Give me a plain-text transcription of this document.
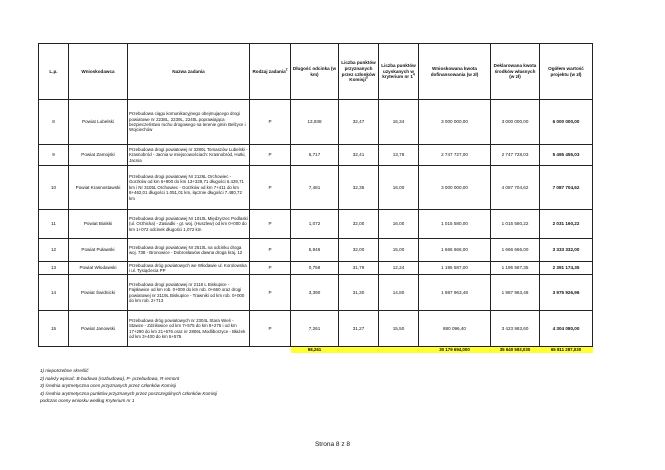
L.p.	Wnioskodawca	Nazwa zadania	Rodzaj zadania$^2$	Długość odcinka (w km)	Liczba punktów przyznanych przez członków Komisji$^3$	Liczba punktów uzyskanych w kryterium nr $1^4$	Wnioskowana kwota dofinansowania (w zł)	Deklarowana kwota środków własnych (w zł)	Ogółem wartość projektu (w zł)
8	Powiat Lubelski	Przebudowa ciągu komunikacyjnego obejmującego drogi powiatowe nr 2238L, 2239L, 2240L poprawiająca bezpieczeństwo ruchu drogowego na terenie gmin Bełżyce i Wojciechów	P	13,938	32,47	16,34	3 000 000,00	3 000 000,00	6 000 000,00
9	Powiat Zamojski	Przebudowa drogi powiatowej nr 3280L Tomaszów Lubelski - Krasnobród - Jacnia w miejscowościach: Krasnobród, Hutki, Jacnia	P	6,717	32,41	13,78	2 747 727,00	2 747 728,03	5 495 455,03
10	Powiat Krasnostawski	Przebudowa drogi powiatowej Nr 2126L Orchowiec - Gorzków od km 6+900 do km 13+329,71 długości 6.429,71 km i Nr 3105L Orchowiec - Gorzków od km 7+411 do km 8+462,01 długości 1.051,01 km, łącznie długości 7.480,72 km	P	7,481	32,35	16,00	3 000 000,00	4 087 704,62	7 087 704,62
11	Powiat Bialski	Przebudowa drogi powiatowej Nr 1010L Międzyrzec Podlaski (ul. Orzhicka) - Zasiadki - gr. woj. (Huszlew) od km 0+000 do km 1+072 odcinek długości 1,072 km	P	1,072	32,00	16,00	1 015 580,00	1 015 580,22	2 031 160,22
12	Powiat Puławski	Przebudowa drogi powiatowej Nr 2510L na odcinku droga woj. 738 - Bronowice - Dobrosławów dawna droga kraj. 12	P	5,946	32,00	15,00	1 666 666,00	1 666 666,00	3 333 332,00
13	Powiat Włodawski	Przebudowa dróg powiatowych we Włodawie ul. Korolowska i ul. Tysiąclecia PP	P	0,758	31,79	12,24	1 195 587,00	1 195 587,35	2 391 174,35
14	Powiat Świdnicki	Przebudowa drogi powiatowej nr 2118 L Biskupice - Fajsławice od km rob. 0+000 do km rob. 0+660 oraz drogi powiatowej nr 2119L Biskupice - Trawniki od km rob. 0+000 do km rob. 2+713	P	3,390	31,30	14,80	1 987 963,48	1 987 963,48	3 975 926,96
15	Powiat Janowski	Przebudowa dróg powiatowych nr 2304L Stara Wieś - Stawce - Zdziłowice od km 7+575 do km 8+275 i od km 17+290 do km 21+676 oraz nr 2806L Modliborzyce - Błażek od km 3+400 do km 5+575	P	7,261	31,27	15,50	880 096,40	3 423 983,60	4 304 080,00
				98,261			30 179 694,000	35 640 593,030	65 811 287,030
1) niepotrzebne skreślić
2) należy wpisać: B-budowa (rozbudowa), P- przebudowa, R-remont
3) średnia arytmetyczna ocen przyznanych przez członków Komisji
4) średnia arytmetyczna punktów przyznanych przez poszczególnych członków Komisji
podczas oceny wniosku według Kryterium nr 1
Strona 8 z 8
